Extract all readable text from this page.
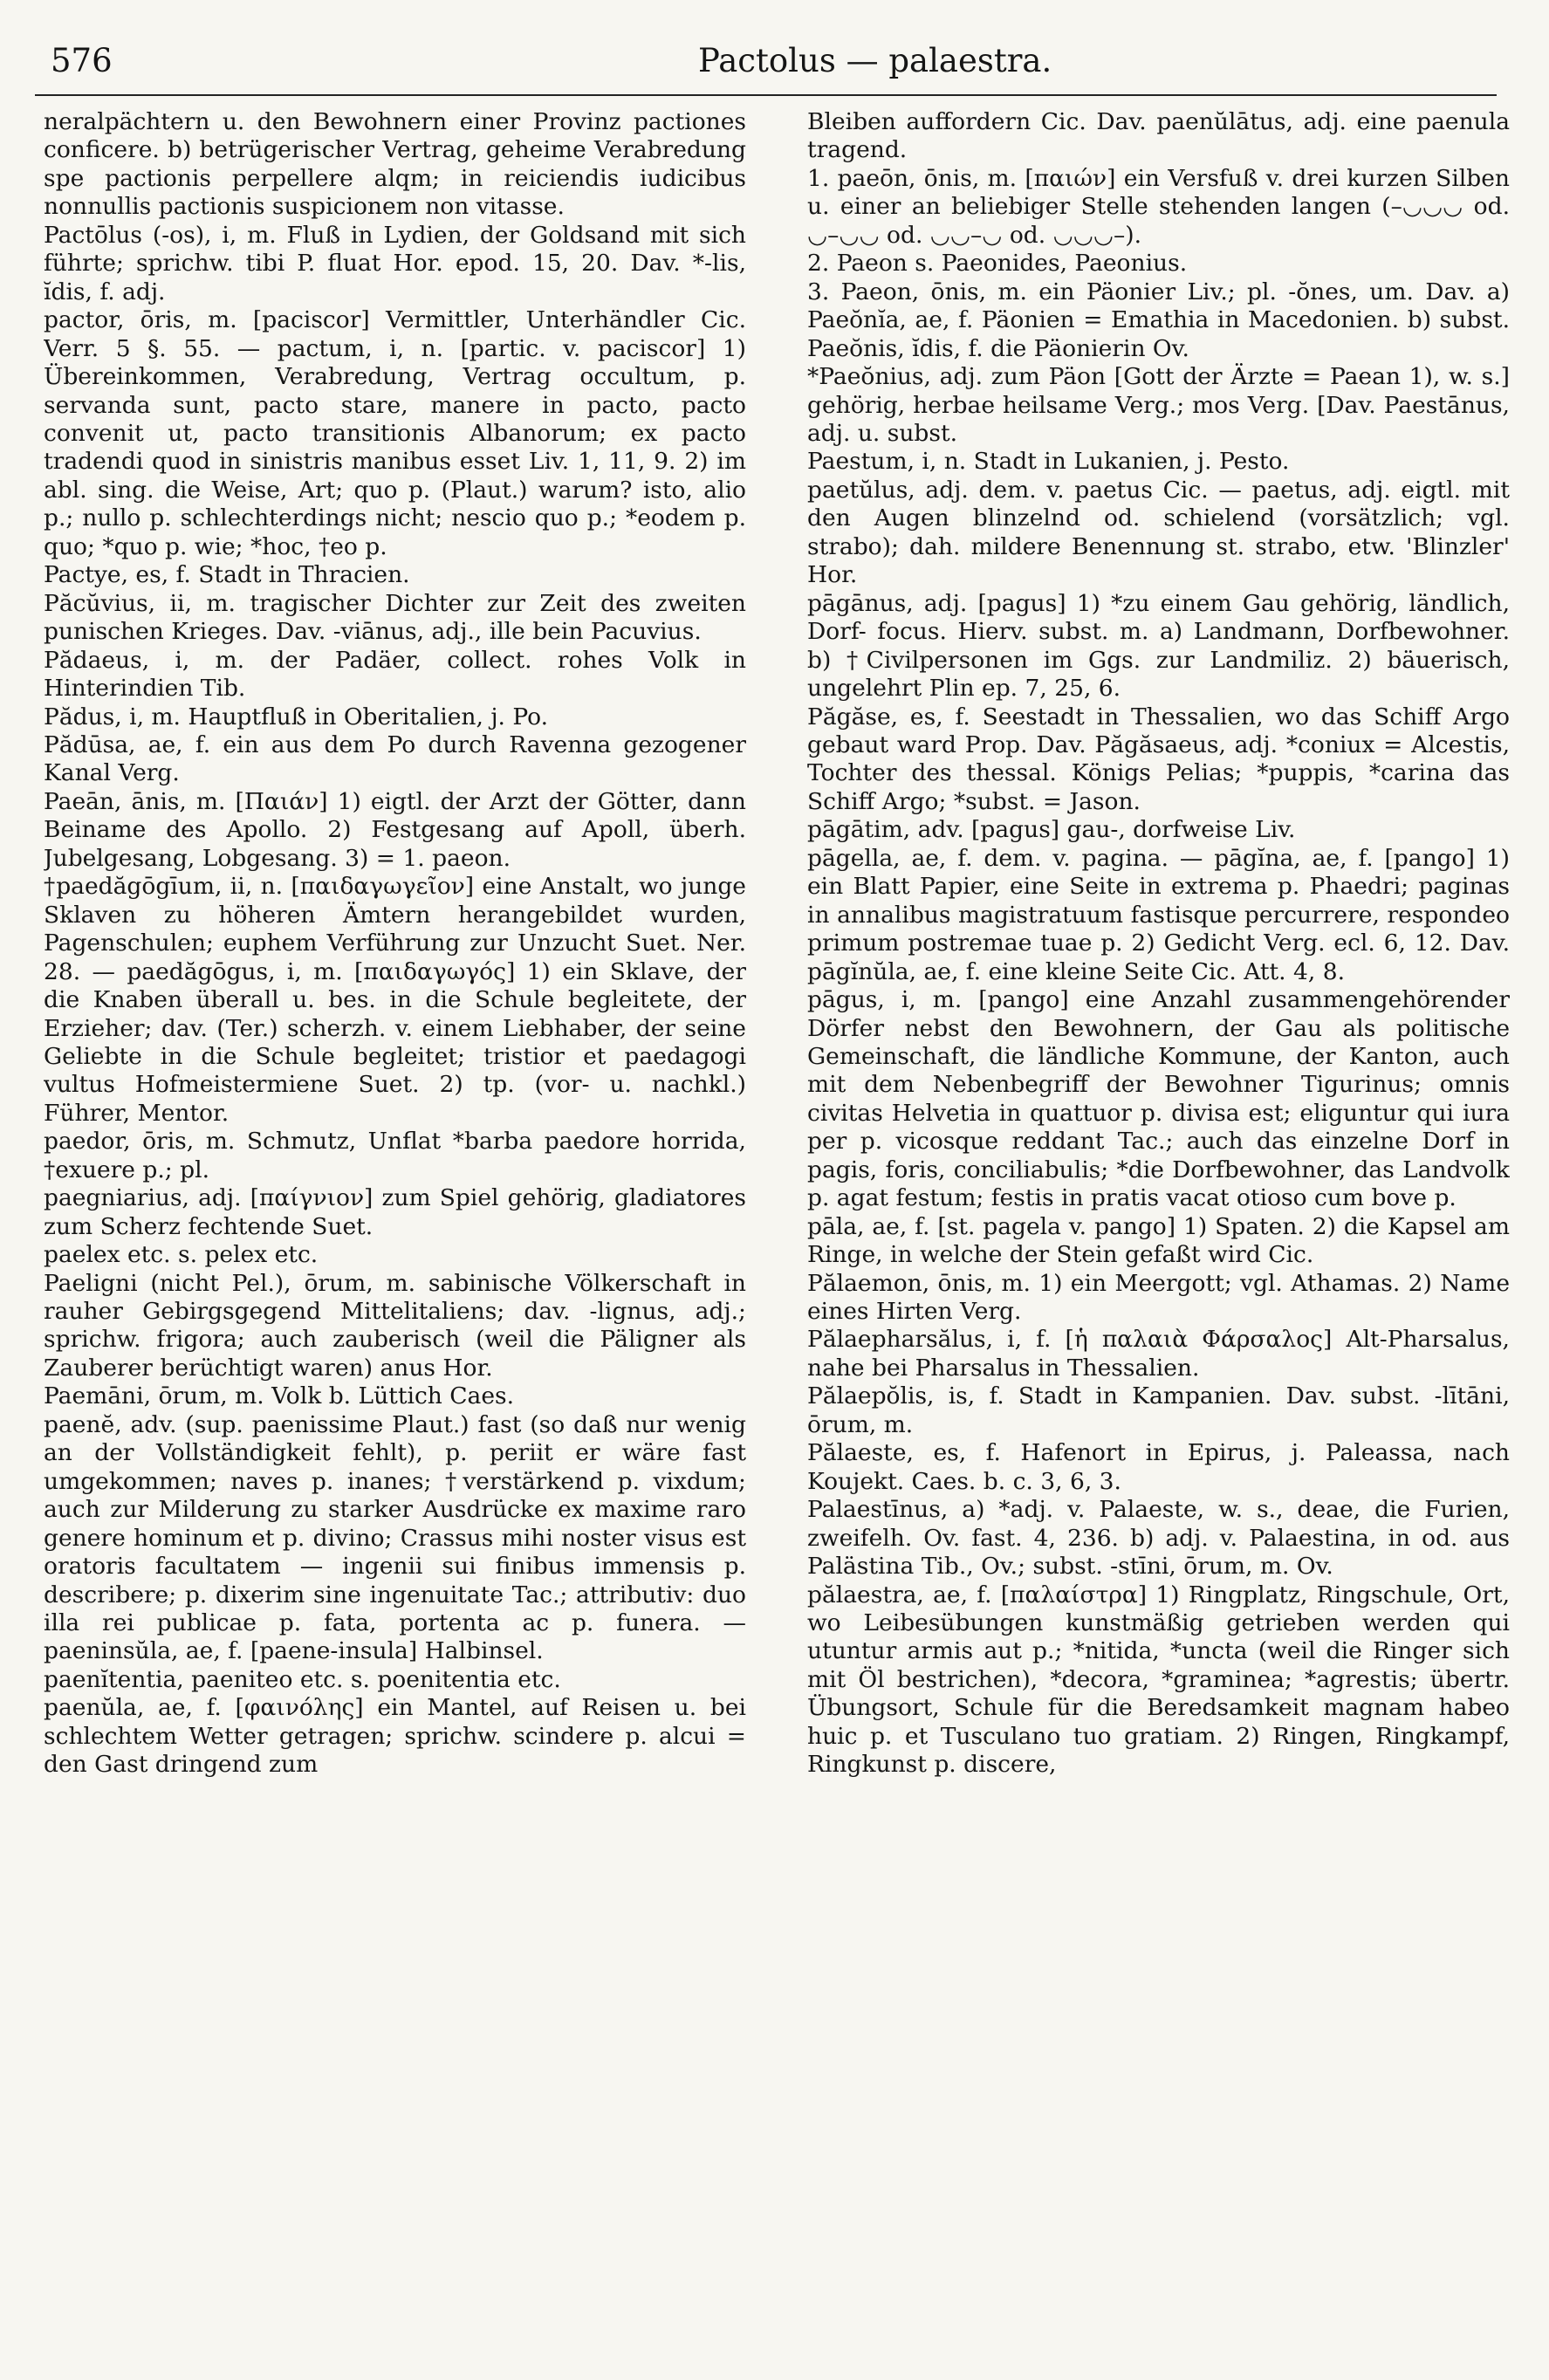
576	Pactolus — palaestra.

neralpächtern u. den Bewohnern einer Provinz pactiones conficere. b) betrügerischer Vertrag, geheime Verabredung spe pactionis perpellere alqm; in reiciendis iudicibus nonnullis pactionis suspicionem non vitasse.

Pactōlus (-os), i, m. Fluß in Lydien, der Goldsand mit sich führte; sprichw. tibi P. fluat Hor. epod. 15, 20. Dav. *-lis, ĭdis, f. adj.

pactor, ōris, m. [paciscor] Vermittler, Unterhändler Cic. Verr. 5 §. 55. — pactum, i, n. [partic. v. paciscor] 1) Übereinkommen, Verabredung, Vertrag occultum, p. servanda sunt, pacto stare, manere in pacto, pacto convenit ut, pacto transitionis Albanorum; ex pacto tradendi quod in sinistris manibus esset Liv. 1, 11, 9. 2) im abl. sing. die Weise, Art; quo p. (Plaut.) warum? isto, alio p.; nullo p. schlechterdings nicht; nescio quo p.; *eodem p. quo; *quo p. wie; *hoc, †eo p.

Pactye, es, f. Stadt in Thracien.

Păcŭvius, ii, m. tragischer Dichter zur Zeit des zweiten punischen Krieges. Dav. -viānus, adj., ille bein Pacuvius.

Pădaeus, i, m. der Padäer, collect. rohes Volk in Hinterindien Tib.

Pădus, i, m. Hauptfluß in Oberitalien, j. Po.

Pădūsa, ae, f. ein aus dem Po durch Ravenna gezogener Kanal Verg.

Paeān, ānis, m. [Παιάν] 1) eigtl. der Arzt der Götter, dann Beiname des Apollo. 2) Festgesang auf Apoll, überh. Jubelgesang, Lobgesang. 3) = 1. paeon.

†paedăgōgīum, ii, n. [παιδαγωγεῖον] eine Anstalt, wo junge Sklaven zu höheren Ämtern herangebildet wurden, Pagenschulen; euphem Verführung zur Unzucht Suet. Ner. 28. — paedăgōgus, i, m. [παιδαγωγός] 1) ein Sklave, der die Knaben überall u. bes. in die Schule begleitete, der Erzieher; dav. (Ter.) scherzh. v. einem Liebhaber, der seine Geliebte in die Schule begleitet; tristior et paedagogi vultus Hofmeistermiene Suet. 2) tp. (vor- u. nachkl.) Führer, Mentor.

paedor, ōris, m. Schmutz, Unflat *barba paedore horrida, †exuere p.; pl.

paegniarius, adj. [παίγνιον] zum Spiel gehörig, gladiatores zum Scherz fechtende Suet.

paelex etc. s. pelex etc.

Paeligni (nicht Pel.), ōrum, m. sabinische Völkerschaft in rauher Gebirgsgegend Mittelitaliens; dav. -lignus, adj.; sprichw. frigora; auch zauberisch (weil die Päligner als Zauberer berüchtigt waren) anus Hor.

Paemāni, ōrum, m. Volk b. Lüttich Caes.

paenĕ, adv. (sup. paenissime Plaut.) fast (so daß nur wenig an der Vollständigkeit fehlt), p. periit er wäre fast umgekommen; naves p. inanes; †verstärkend p. vixdum; auch zur Milderung zu starker Ausdrücke ex maxime raro genere hominum et p. divino; Crassus mihi noster visus est oratoris facultatem — ingenii sui finibus immensis p. describere; p. dixerim sine ingenuitate Tac.; attributiv: duo illa rei publicae p. fata, portenta ac p. funera. — paeninsŭla, ae, f. [paene-insula] Halbinsel.

paenĭtentia, paeniteo etc. s. poenitentia etc.

paenŭla, ae, f. [φαινόλης] ein Mantel, auf Reisen u. bei schlechtem Wetter getragen; sprichw. scindere p. alcui = den Gast dringend zum

Bleiben auffordern Cic. Dav. paenŭlātus, adj. eine paenula tragend.

1. paeōn, ōnis, m. [παιών] ein Versfuß v. drei kurzen Silben u. einer an beliebiger Stelle stehenden langen (–◡◡◡ od. ◡–◡◡ od. ◡◡–◡ od. ◡◡◡–).

2. Paeon s. Paeonides, Paeonius.

3. Paeon, ōnis, m. ein Päonier Liv.; pl. -ŏnes, um. Dav. a) Paeŏnĭa, ae, f. Päonien = Emathia in Macedonien. b) subst. Paeŏnis, ĭdis, f. die Päonierin Ov.

*Paeŏnius, adj. zum Päon [Gott der Ärzte = Paean 1), w. s.] gehörig, herbae heilsame Verg.; mos Verg. [Dav. Paestānus, adj. u. subst.

Paestum, i, n. Stadt in Lukanien, j. Pesto.

paetŭlus, adj. dem. v. paetus Cic. — paetus, adj. eigtl. mit den Augen blinzelnd od. schielend (vorsätzlich; vgl. strabo); dah. mildere Benennung st. strabo, etw. 'Blinzler' Hor.

pāgānus, adj. [pagus] 1) *zu einem Gau gehörig, ländlich, Dorf- focus. Hierv. subst. m. a) Landmann, Dorfbewohner. b) †Civilpersonen im Ggs. zur Landmiliz. 2) bäuerisch, ungelehrt Plin ep. 7, 25, 6.

Păgăse, es, f. Seestadt in Thessalien, wo das Schiff Argo gebaut ward Prop. Dav. Păgăsaeus, adj. *coniux = Alcestis, Tochter des thessal. Königs Pelias; *puppis, *carina das Schiff Argo; *subst. = Jason.

pāgātim, adv. [pagus] gau-, dorfweise Liv.

pāgella, ae, f. dem. v. pagina. — pāgĭna, ae, f. [pango] 1) ein Blatt Papier, eine Seite in extrema p. Phaedri; paginas in annalibus magistratuum fastisque percurrere, respondeo primum postremae tuae p. 2) Gedicht Verg. ecl. 6, 12. Dav. pāgĭnŭla, ae, f. eine kleine Seite Cic. Att. 4, 8.

pāgus, i, m. [pango] eine Anzahl zusammengehörender Dörfer nebst den Bewohnern, der Gau als politische Gemeinschaft, die ländliche Kommune, der Kanton, auch mit dem Nebenbegriff der Bewohner Tigurinus; omnis civitas Helvetia in quattuor p. divisa est; eliguntur qui iura per p. vicosque reddant Tac.; auch das einzelne Dorf in pagis, foris, conciliabulis; *die Dorfbewohner, das Landvolk p. agat festum; festis in pratis vacat otioso cum bove p.

pāla, ae, f. [st. pagela v. pango] 1) Spaten. 2) die Kapsel am Ringe, in welche der Stein gefaßt wird Cic.

Pălaemon, ōnis, m. 1) ein Meergott; vgl. Athamas. 2) Name eines Hirten Verg.

Pălaepharsălus, i, f. [ἡ παλαιὰ Φάρσαλος] Alt-Pharsalus, nahe bei Pharsalus in Thessalien.

Pălaepŏlis, is, f. Stadt in Kampanien. Dav. subst. -lītāni, ōrum, m.

Pălaeste, es, f. Hafenort in Epirus, j. Paleassa, nach Koujekt. Caes. b. c. 3, 6, 3.

Palaestīnus, a) *adj. v. Palaeste, w. s., deae, die Furien, zweifelh. Ov. fast. 4, 236. b) adj. v. Palaestina, in od. aus Palästina Tib., Ov.; subst. -stīni, ōrum, m. Ov.

pălaestra, ae, f. [παλαίστρα] 1) Ringplatz, Ringschule, Ort, wo Leibesübungen kunstmäßig getrieben werden qui utuntur armis aut p.; *nitida, *uncta (weil die Ringer sich mit Öl bestrichen), *decora, *graminea; *agrestis; übertr. Übungsort, Schule für die Beredsamkeit magnam habeo huic p. et Tusculano tuo gratiam. 2) Ringen, Ringkampf, Ringkunst p. discere,
